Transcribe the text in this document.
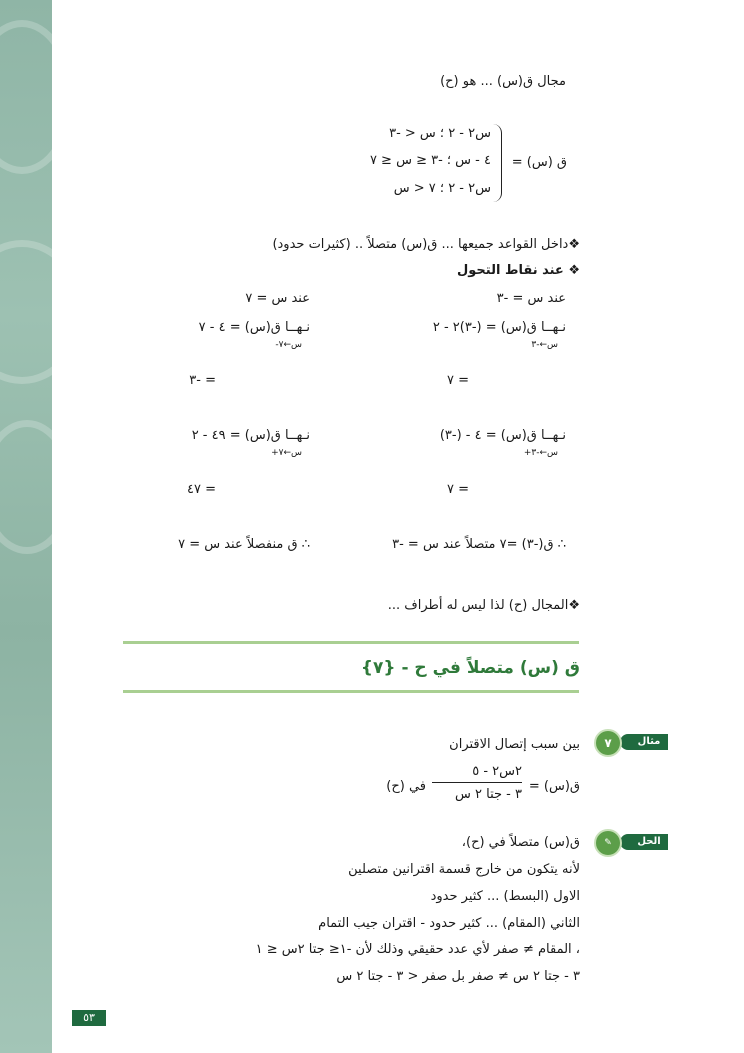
مجال ق(س) ... هو (ح)
ق (س) =
س٢ - ٢ ؛ س < -٣
٤ - س ؛ -٣ ≤ س ≤ ٧
س٢ - ٢ ؛ ٧ < س
❖داخل القواعد جميعها ... ق(س) متصلاً .. (كثيرات حدود)
❖ عند نقاط التحول
عند س = -٣
نـهــا ق(س) = (-٣)٢ - ٢
س←-٣
= ٧
نـهــا ق(س) = ٤ - (-٣)
س←-٣+
= ٧
∴ ق(-٣) =٧ متصلاً عند س = -٣
عند س = ٧
نـهــا ق(س) = ٤ - ٧
س←٧-
= -٣
نـهــا ق(س) = ٤٩ - ٢
س←٧+
= ٤٧
∴ ق منفصلاً عند س = ٧
❖المجال (ح) لذا ليس له أطراف ...
ق (س) متصلاً في ح - {٧}
مثال
٧
بين سبب إتصال الاقتران
ق(س) =
٢س٢ - ٥
٣ - جتا ٢ س
في (ح)
الحل
✎
ق(س) متصلاً في (ح)،
لأنه يتكون من خارج قسمة اقترانين متصلين
الاول (البسط) ... كثير حدود
الثاني (المقام) ... كثير حدود - اقتران جيب التمام
، المقام ≠ صفر لأي عدد حقيقي وذلك لأن -١≤ جتا ٢س ≤ ١
٣ - جتا ٢ س ≠ صفر بل صفر < ٣ - جتا ٢ س
٥٣
